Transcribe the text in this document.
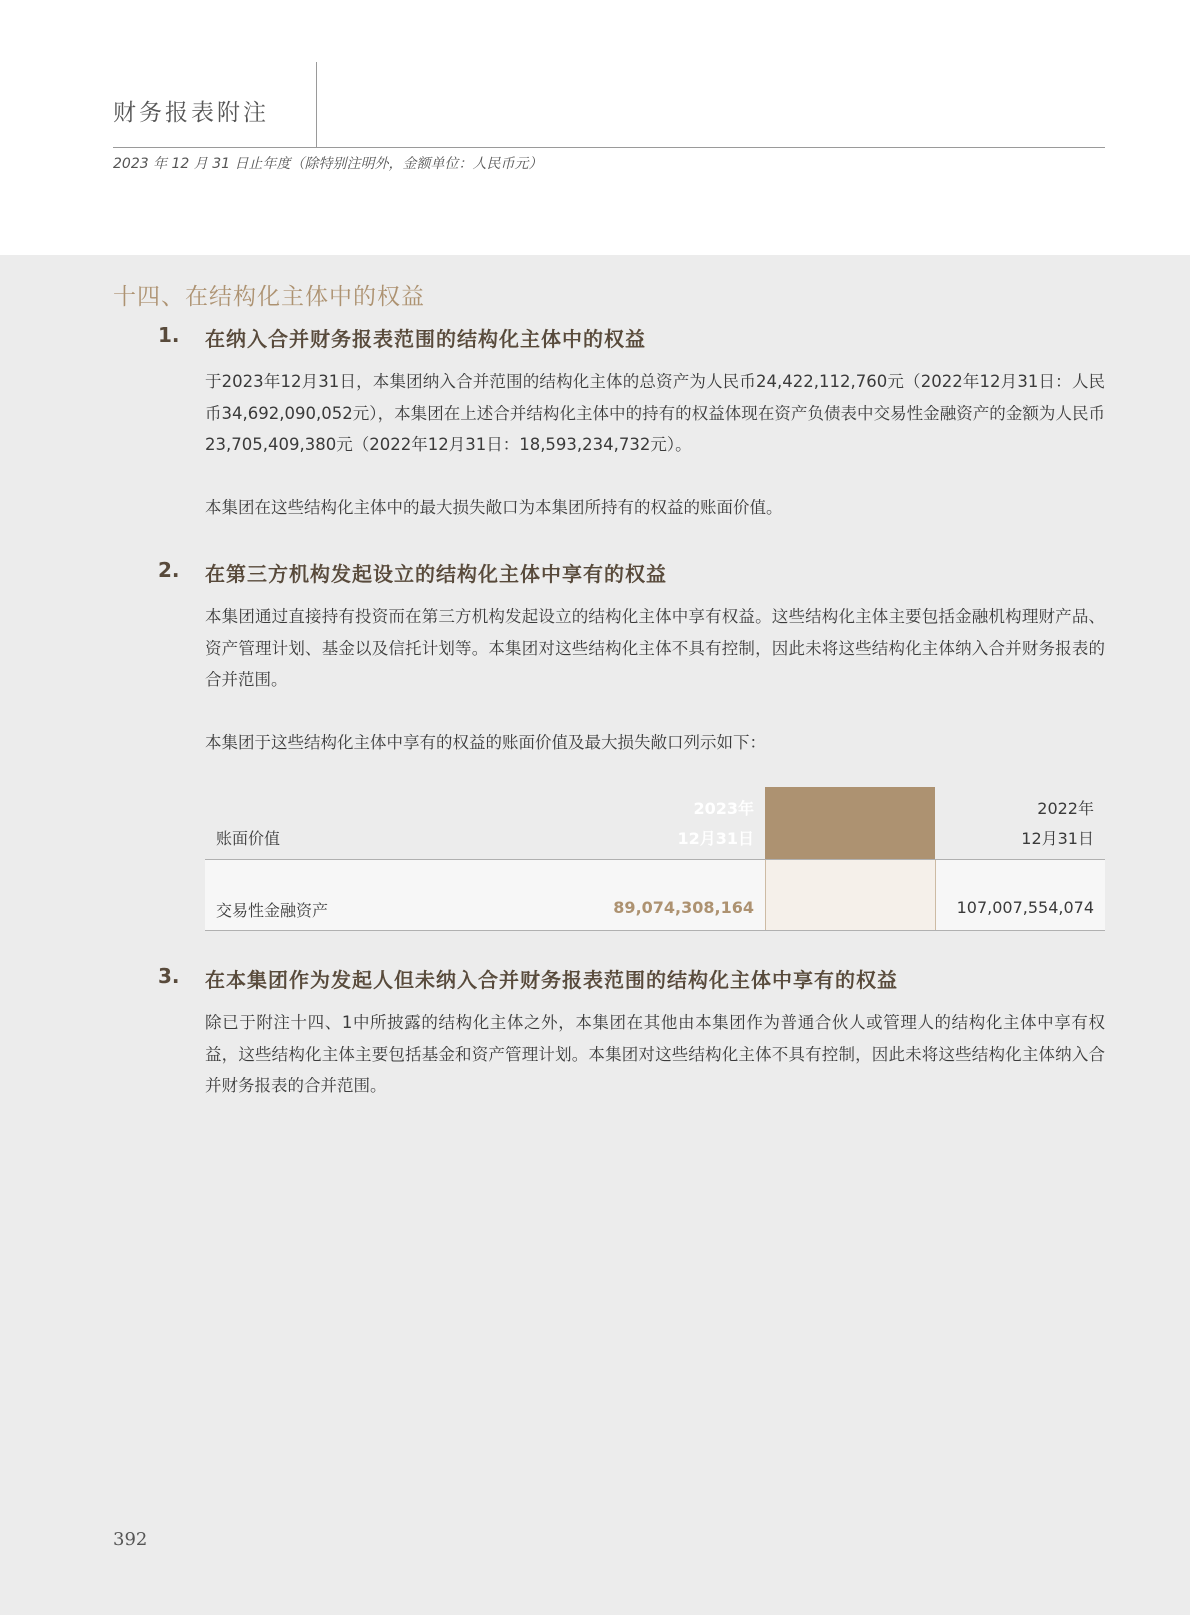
财务报表附注
2023 年 12 月 31 日止年度（除特别注明外，金额单位：人民币元）
十四、在结构化主体中的权益
1. 在纳入合并财务报表范围的结构化主体中的权益
于2023年12月31日，本集团纳入合并范围的结构化主体的总资产为人民币24,422,112,760元（2022年12月31日：人民币34,692,090,052元），本集团在上述合并结构化主体中的持有的权益体现在资产负债表中交易性金融资产的金额为人民币23,705,409,380元（2022年12月31日：18,593,234,732元）。
本集团在这些结构化主体中的最大损失敞口为本集团所持有的权益的账面价值。
2. 在第三方机构发起设立的结构化主体中享有的权益
本集团通过直接持有投资而在第三方机构发起设立的结构化主体中享有权益。这些结构化主体主要包括金融机构理财产品、资产管理计划、基金以及信托计划等。本集团对这些结构化主体不具有控制，因此未将这些结构化主体纳入合并财务报表的合并范围。
本集团于这些结构化主体中享有的权益的账面价值及最大损失敞口列示如下：
账面价值
2023年
12月31日
2022年
12月31日
交易性金融资产	89,074,308,164	107,007,554,074
3. 在本集团作为发起人但未纳入合并财务报表范围的结构化主体中享有的权益
除已于附注十四、1中所披露的结构化主体之外，本集团在其他由本集团作为普通合伙人或管理人的结构化主体中享有权益，这些结构化主体主要包括基金和资产管理计划。本集团对这些结构化主体不具有控制，因此未将这些结构化主体纳入合并财务报表的合并范围。
392
